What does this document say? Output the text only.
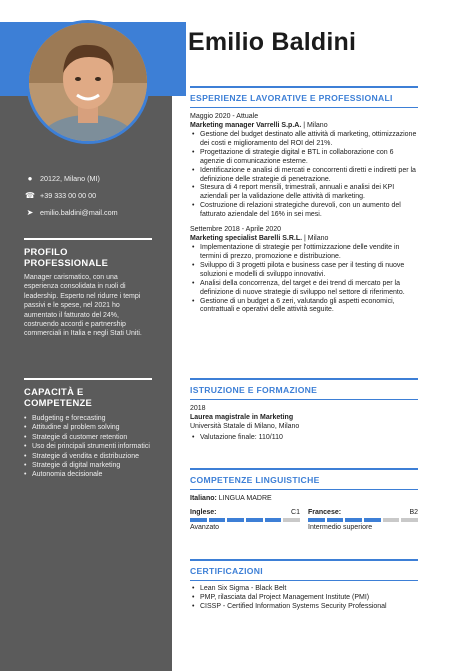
●	20122, Milano (MI)
☎ +39 333 00 00 00
➤ emilio.baldini@mail.com
PROFILO
PROFESSIONALE
Manager carismatico, con una esperienza consolidata in ruoli di leadership. Esperto nel ridurre i tempi passivi e le spese, nel 2021 ho aumentato il fatturato del 24%, costruendo accordi e partnership commerciali in Italia e negli Stati Uniti.
CAPACITÀ E
COMPETENZE
• Budgeting e forecasting
• Attitudine al problem solving
• Strategie di customer retention
• Uso dei principali strumenti informatici
• Strategie di vendita e distribuzione
• Strategie di digital marketing
• Autonomia decisionale
Emilio Baldini
ESPERIENZE LAVORATIVE E PROFESSIONALI
Maggio 2020 - Attuale
Marketing manager Varrelli S.p.A. | Milano
• Gestione del budget destinato alle attività di marketing, ottimizzazione dei costi e miglioramento del ROI del 21%.
• Progettazione di strategie digital e BTL in collaborazione con 6 agenzie di comunicazione esterne.
• Identificazione e analisi di mercati e concorrenti diretti e indiretti per la definizione delle strategie di penetrazione.
• Stesura di 4 report mensili, trimestrali, annuali e analisi dei KPI aziendali per la validazione delle attività di marketing.
• Costruzione di relazioni strategiche durevoli, con un aumento del fatturato aziendale del 16% in sei mesi.
Settembre 2018 - Aprile 2020
Marketing specialist Barelli S.R.L. | Milano
• Implementazione di strategie per l'ottimizzazione delle vendite in termini di prezzo, promozione e distribuzione.
• Sviluppo di 3 progetti pilota e business case per il testing di nuove soluzioni e modelli di sviluppo innovativi.
• Analisi della concorrenza, del target e dei trend di mercato per la definizione di nuove strategie di sviluppo nel settore di riferimento.
• Gestione di un budget a 6 zeri, valutando gli aspetti economici, contrattuali e operativi delle attività seguite.
ISTRUZIONE E FORMAZIONE
2018
Laurea magistrale in Marketing
Università Statale di Milano, Milano
• Valutazione finale: 110/110
COMPETENZE LINGUISTICHE
Italiano: LINGUA MADRE
Inglese:	C1
Avanzato
Francese:	B2
Intermedio superiore
CERTIFICAZIONI
• Lean Six Sigma - Black Belt
• PMP, rilasciata dal Project Management Institute (PMI)
• CISSP - Certified Information Systems Security Professional
